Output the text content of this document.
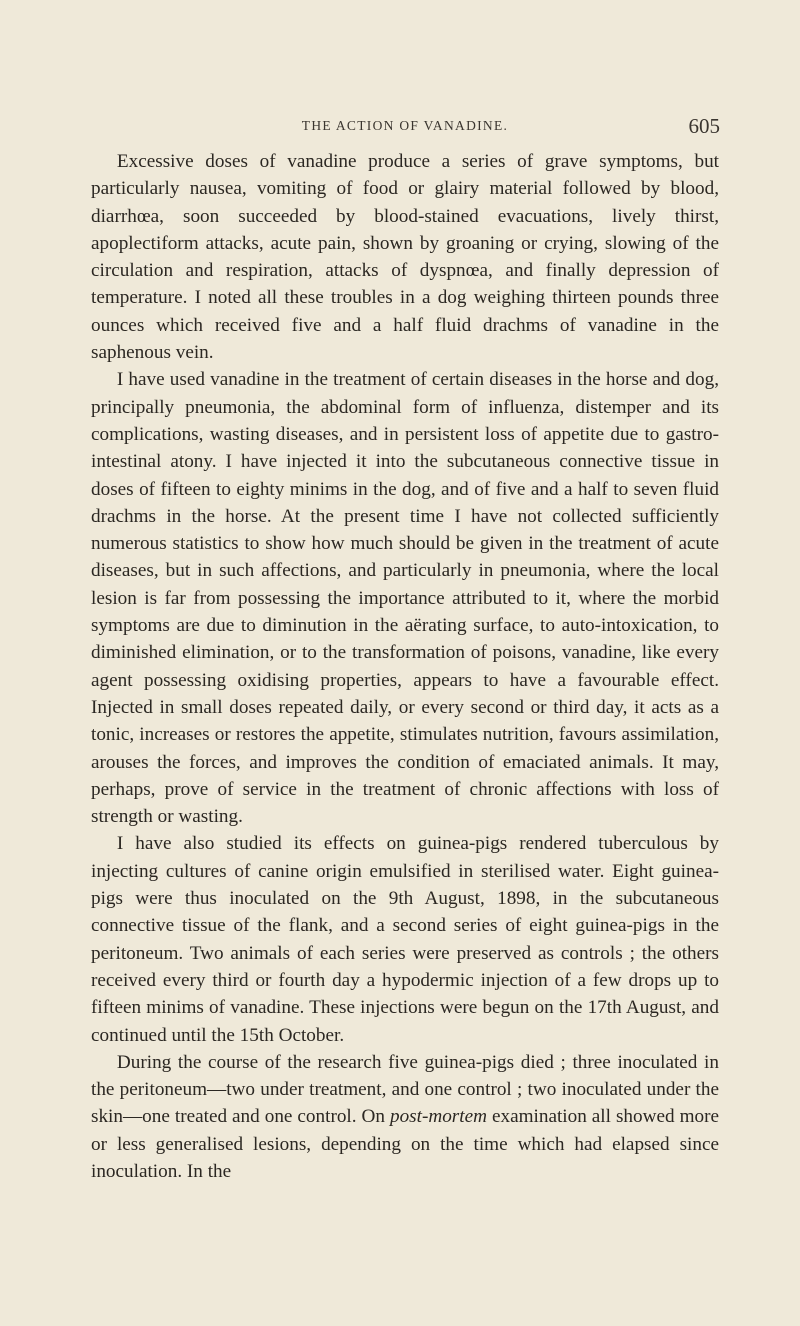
THE ACTION OF VANADINE.	605

Excessive doses of vanadine produce a series of grave symptoms, but particularly nausea, vomiting of food or glairy material followed by blood, diarrhœa, soon succeeded by blood-stained evacuations, lively thirst, apoplectiform attacks, acute pain, shown by groaning or crying, slowing of the circulation and respiration, attacks of dyspnœa, and finally depression of temperature. I noted all these troubles in a dog weighing thirteen pounds three ounces which received five and a half fluid drachms of vanadine in the saphenous vein.

I have used vanadine in the treatment of certain diseases in the horse and dog, principally pneumonia, the abdominal form of influenza, distemper and its complications, wasting diseases, and in persistent loss of appetite due to gastro-intestinal atony. I have injected it into the subcutaneous connective tissue in doses of fifteen to eighty minims in the dog, and of five and a half to seven fluid drachms in the horse. At the present time I have not collected sufficiently numerous statistics to show how much should be given in the treatment of acute diseases, but in such affections, and particularly in pneumonia, where the local lesion is far from possessing the importance attributed to it, where the morbid symptoms are due to diminution in the aërating surface, to auto-intoxication, to diminished elimination, or to the transformation of poisons, vanadine, like every agent possessing oxidising properties, appears to have a favourable effect. Injected in small doses repeated daily, or every second or third day, it acts as a tonic, increases or restores the appetite, stimulates nutrition, favours assimilation, arouses the forces, and improves the condition of emaciated animals. It may, perhaps, prove of service in the treatment of chronic affections with loss of strength or wasting.

I have also studied its effects on guinea-pigs rendered tuberculous by injecting cultures of canine origin emulsified in sterilised water. Eight guinea-pigs were thus inoculated on the 9th August, 1898, in the subcutaneous connective tissue of the flank, and a second series of eight guinea-pigs in the peritoneum. Two animals of each series were preserved as controls ; the others received every third or fourth day a hypodermic injection of a few drops up to fifteen minims of vanadine. These injections were begun on the 17th August, and continued until the 15th October.

During the course of the research five guinea-pigs died ; three inoculated in the peritoneum—two under treatment, and one control ; two inoculated under the skin—one treated and one control. On post-mortem examination all showed more or less generalised lesions, depending on the time which had elapsed since inoculation. In the
